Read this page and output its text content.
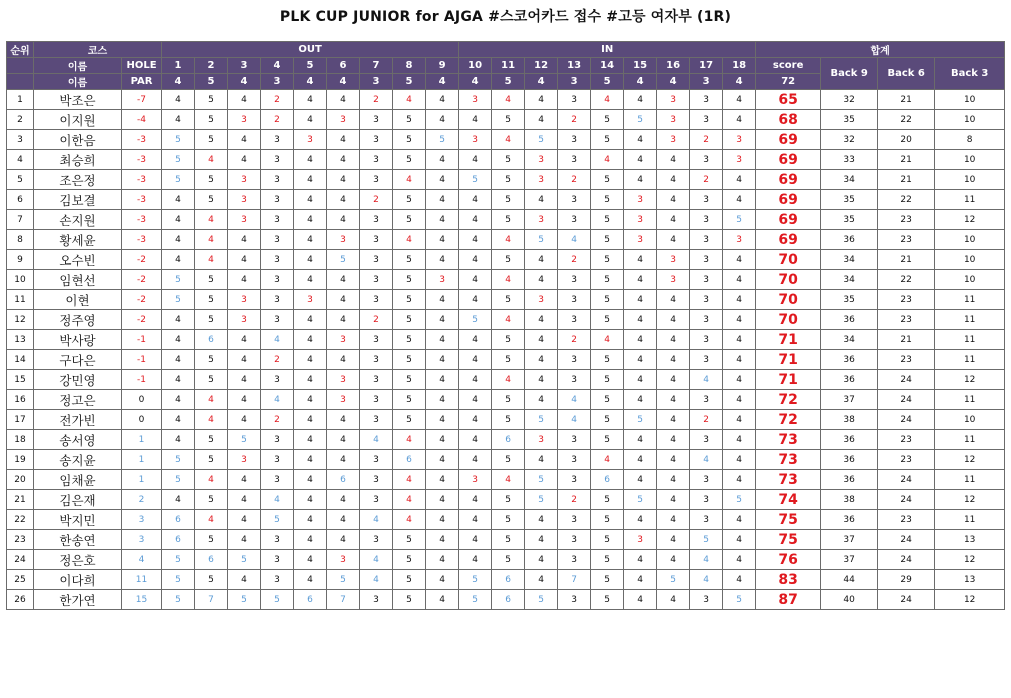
PLK CUP JUNIOR for AJGA #스코어카드 접수 #고등 여자부 (1R)
순위	코스		OUT									IN									합계			
	이름	HOLE	1	2	3	4	5	6	7	8	9	10	11	12	13	14	15	16	17	18	score	Back 9	Back 6	Back 3
	이름	PAR	4	5	4	3	4	4	3	5	4	4	5	4	3	5	4	4	3	4	72			
1	박조은	-7	4	5	4	2	4	4	2	4	4	3	4	4	3	4	4	3	3	4	65	32	21	10
2	이지원	-4	4	5	3	2	4	3	3	5	4	4	5	4	2	5	5	3	3	4	68	35	22	10
3	이한음	-3	5	5	4	3	3	4	3	5	5	3	4	5	3	5	4	3	2	3	69	32	20	8
4	최승희	-3	5	4	4	3	4	4	3	5	4	4	5	3	3	4	4	4	3	3	69	33	21	10
5	조은정	-3	5	5	3	3	4	4	3	4	4	5	5	3	2	5	4	4	2	4	69	34	21	10
6	김보결	-3	4	5	3	3	4	4	2	5	4	4	5	4	3	5	3	4	3	4	69	35	22	11
7	손지원	-3	4	4	3	3	4	4	3	5	4	4	5	3	3	5	3	4	3	5	69	35	23	12
8	황세윤	-3	4	4	4	3	4	3	3	4	4	4	4	5	4	5	3	4	3	3	69	36	23	10
9	오수빈	-2	4	4	4	3	4	5	3	5	4	4	5	4	2	5	4	3	3	4	70	34	21	10
10	임현선	-2	5	5	4	3	4	4	3	5	3	4	4	4	3	5	4	3	3	4	70	34	22	10
11	이현	-2	5	5	3	3	3	4	3	5	4	4	5	3	3	5	4	4	3	4	70	35	23	11
12	정주영	-2	4	5	3	3	4	4	2	5	4	5	4	4	3	5	4	4	3	4	70	36	23	11
13	박사랑	-1	4	6	4	4	4	3	3	5	4	4	5	4	2	4	4	4	3	4	71	34	21	11
14	구다은	-1	4	5	4	2	4	4	3	5	4	4	5	4	3	5	4	4	3	4	71	36	23	11
15	강민영	-1	4	5	4	3	4	3	3	5	4	4	4	4	3	5	4	4	4	4	71	36	24	12
16	정고은	0	4	4	4	4	4	3	3	5	4	4	5	4	4	5	4	4	3	4	72	37	24	11
17	전가빈	0	4	4	4	2	4	4	3	5	4	4	5	5	4	5	5	4	2	4	72	38	24	10
18	송서영	1	4	5	5	3	4	4	4	4	4	4	6	3	3	5	4	4	3	4	73	36	23	11
19	송지윤	1	5	5	3	3	4	4	3	6	4	4	5	4	3	4	4	4	4	4	73	36	23	12
20	임채윤	1	5	4	4	3	4	6	3	4	4	3	4	5	3	6	4	4	3	4	73	36	24	11
21	김은재	2	4	5	4	4	4	4	3	4	4	4	5	5	2	5	5	4	3	5	74	38	24	12
22	박지민	3	6	4	4	5	4	4	4	4	4	4	5	4	3	5	4	4	3	4	75	36	23	11
23	한송연	3	6	5	4	3	4	4	3	5	4	4	5	4	3	5	3	4	5	4	75	37	24	13
24	정은호	4	5	6	5	3	4	3	4	5	4	4	5	4	3	5	4	4	4	4	76	37	24	12
25	이다희	11	5	5	4	3	4	5	4	5	4	5	6	4	7	5	4	5	4	4	83	44	29	13
26	한가연	15	5	7	5	5	6	7	3	5	4	5	6	5	3	5	4	4	3	5	87	40	24	12
